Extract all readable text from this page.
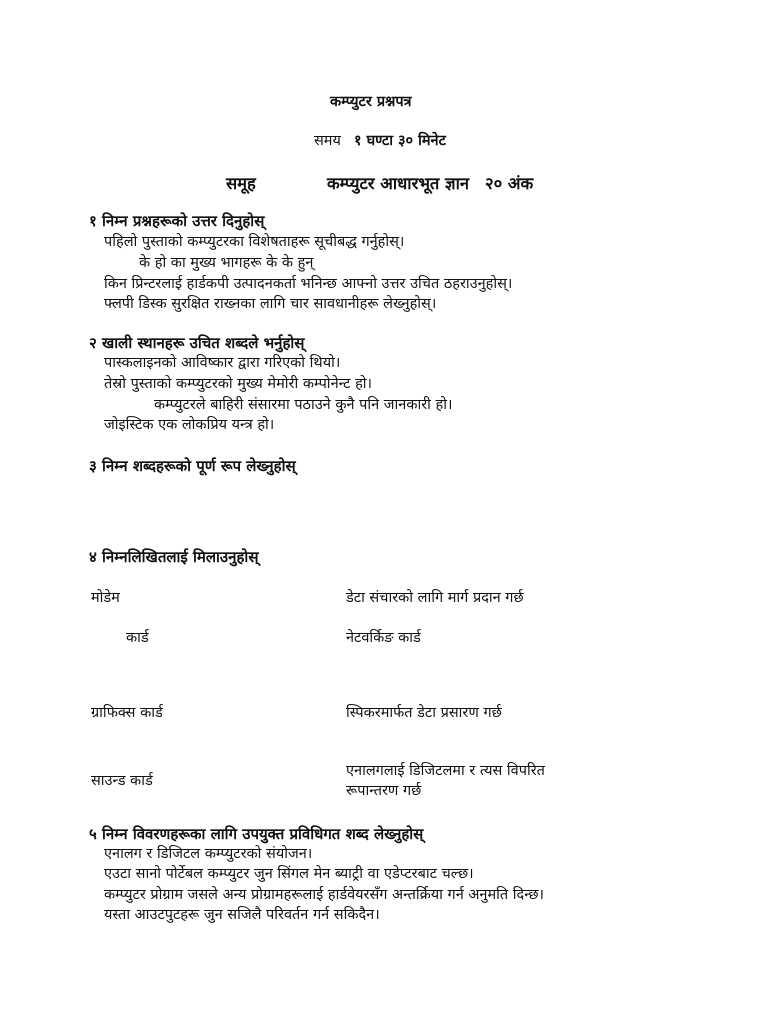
कम्प्युटर प्रश्नपत्र
समय १ घण्टा ३० मिनेट
समूह	कम्प्युटर आधारभूत ज्ञान २० अंक
१ निम्न प्रश्नहरूको उत्तर दिनुहोस्
पहिलो पुस्ताको कम्प्युटरका विशेषताहरू सूचीबद्ध गर्नुहोस्।
के हो का मुख्य भागहरू के के हुन्
किन प्रिन्टरलाई हार्डकपी उत्पादनकर्ता भनिन्छ आफ्नो उत्तर उचित ठहराउनुहोस्।
फ्लपी डिस्क सुरक्षित राख्नका लागि चार सावधानीहरू लेख्नुहोस्।
२ खाली स्थानहरू उचित शब्दले भर्नुहोस्
पास्कलाइनको आविष्कार द्वारा गरिएको थियो।
तेस्रो पुस्ताको कम्प्युटरको मुख्य मेमोरी कम्पोनेन्ट हो।
कम्प्युटरले बाहिरी संसारमा पठाउने कुनै पनि जानकारी हो।
जोइस्टिक एक लोकप्रिय यन्त्र हो।
३ निम्न शब्दहरूको पूर्ण रूप लेख्नुहोस्
४ निम्नलिखितलाई मिलाउनुहोस्
मोडेम
कार्ड
ग्राफिक्स कार्ड
साउन्ड कार्ड
डेटा संचारको लागि मार्ग प्रदान गर्छ
नेटवर्किङ कार्ड
स्पिकरमार्फत डेटा प्रसारण गर्छ
एनालगलाई डिजिटलमा र त्यस विपरित
रूपान्तरण गर्छ
५ निम्न विवरणहरूका लागि उपयुक्त प्रविधिगत शब्द लेख्नुहोस्
एनालग र डिजिटल कम्प्युटरको संयोजन।
एउटा सानो पोर्टेबल कम्प्युटर जुन सिंगल मेन ब्याट्री वा एडेप्टरबाट चल्छ।
कम्प्युटर प्रोग्राम जसले अन्य प्रोग्रामहरूलाई हार्डवेयरसँग अन्तर्क्रिया गर्न अनुमति दिन्छ।
यस्ता आउटपुटहरू जुन सजिलै परिवर्तन गर्न सकिदैन।
